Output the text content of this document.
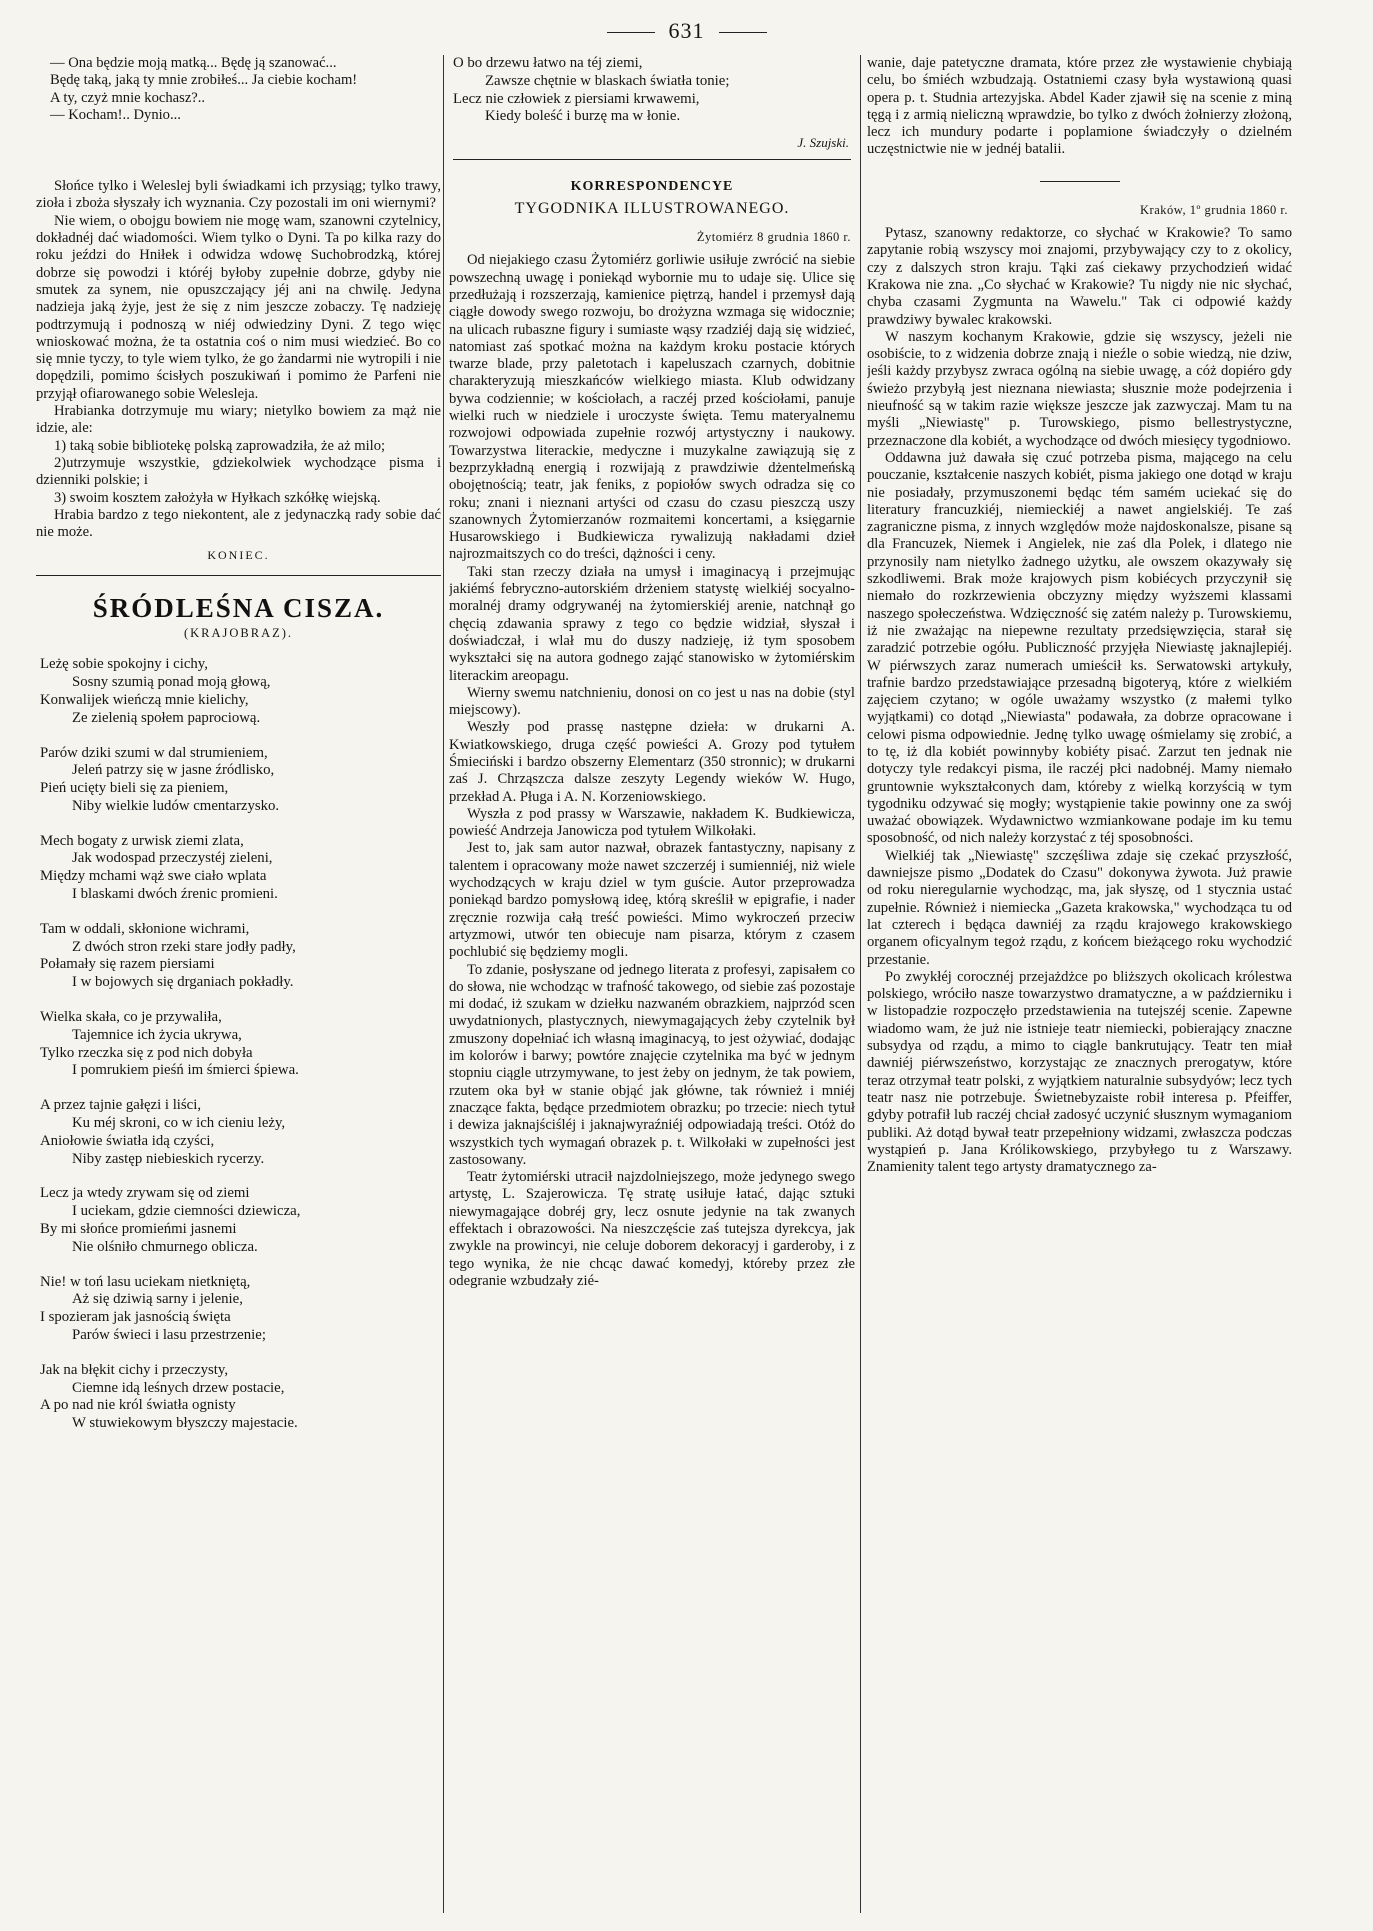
631

— Ona będzie moją matką... Będę ją szanować...

Będę taką, jaką ty mnie zrobiłeś... Ja ciebie kocham!

A ty, czyż mnie kochasz?..

— Kocham!.. Dynio...

Słońce tylko i Weleslej byli świadkami ich przysiąg; tylko trawy, zioła i zboża słyszały ich wyznania. Czy pozostali im oni wiernymi?

Nie wiem, o obojgu bowiem nie mogę wam, szanowni czytelnicy, dokładnéj dać wiadomości. Wiem tylko o Dyni. Ta po kilka razy do roku jeździ do Hniłek i odwidza wdowę Suchobrodzką, której dobrze się powodzi i któréj byłoby zupełnie dobrze, gdyby nie smutek za synem, nie opuszczający jéj ani na chwilę. Jedyna nadzieja jaką żyje, jest że się z nim jeszcze zobaczy. Tę nadzieję podtrzymują i podnoszą w niéj odwiedziny Dyni. Z tego więc wnioskować można, że ta ostatnia coś o nim musi wiedzieć. Bo co się mnie tyczy, to tyle wiem tylko, że go żandarmi nie wytropili i nie dopędzili, pomimo ścisłych poszukiwań i pomimo że Parfeni nie przyjął ofiarowanego sobie Welesleja.

Hrabianka dotrzymuje mu wiary; nietylko bowiem za mąż nie idzie, ale:

1) taką sobie bibliotekę polską zaprowadziła, że aż milo;

2)utrzymuje wszystkie, gdziekolwiek wychodzące pisma i dzienniki polskie; i

3) swoim kosztem założyła w Hyłkach szkółkę wiejską.

Hrabia bardzo z tego niekontent, ale z jedynaczką rady sobie dać nie może.

KONIEC.
ŚRÓDLEŚNA CISZA.
(KRAJOBRAZ).
Leżę sobie spokojny i cichy,
Sosny szumią ponad moją głową,
Konwalijek wieńczą mnie kielichy,
Ze zielenią społem paprociową.
Parów dziki szumi w dal strumieniem,
Jeleń patrzy się w jasne źródlisko,
Pień ucięty bieli się za pieniem,
Niby wielkie ludów cmentarzysko.
Mech bogaty z urwisk ziemi zlata,
Jak wodospad przeczystéj zieleni,
Między mchami wąż swe ciało wplata
I blaskami dwóch źrenic promieni.
Tam w oddali, skłonione wichrami,
Z dwóch stron rzeki stare jodły padły,
Połamały się razem piersiami
I w bojowych się drganiach pokładły.
Wielka skała, co je przywaliła,
Tajemnice ich życia ukrywa,
Tylko rzeczka się z pod nich dobyła
I pomrukiem pieśń im śmierci śpiewa.
A przez tajnie gałęzi i liści,
Ku méj skroni, co w ich cieniu leży,
Aniołowie światła idą czyści,
Niby zastęp niebieskich rycerzy.
Lecz ja wtedy zrywam się od ziemi
I uciekam, gdzie ciemności dziewicza,
By mi słońce promieńmi jasnemi
Nie olśniło chmurnego oblicza.
Nie! w toń lasu uciekam nietkniętą,
Aż się dziwią sarny i jelenie,
I spozieram jak jasnością święta
Parów świeci i lasu przestrzenie;
Jak na błękit cichy i przeczysty,
Ciemne idą leśnych drzew postacie,
A po nad nie król światła ognisty
W stuwiekowym błyszczy majestacie.
O bo drzewu łatwo na téj ziemi,
Zawsze chętnie w blaskach światła tonie;
Lecz nie człowiek z piersiami krwawemi,
Kiedy boleść i burzę ma w łonie.
J. Szujski.
KORRESPONDENCYE
TYGODNIKA ILLUSTROWANEGO.
Żytomiérz 8 grudnia 1860 r.

Od niejakiego czasu Żytomiérz gorliwie usiłuje zwrócić na siebie powszechną uwagę i poniekąd wybornie mu to udaje się. Ulice się przedłużają i rozszerzają, kamienice piętrzą, handel i przemysł dają ciągłe dowody swego rozwoju, bo drożyzna wzmaga się widocznie; na ulicach rubaszne figury i sumiaste wąsy rzadziéj dają się widzieć, natomiast zaś spotkać można na każdym kroku postacie których twarze blade, przy paletotach i kapeluszach czarnych, dobitnie charakteryzują mieszkańców wielkiego miasta. Klub odwidzany bywa codziennie; w kościołach, a raczéj przed kościołami, panuje wielki ruch w niedziele i uroczyste święta. Temu materyalnemu rozwojowi odpowiada zupełnie rozwój artystyczny i naukowy. Towarzystwa literackie, medyczne i muzykalne zawiązują się z bezprzykładną energią i rozwijają z prawdziwie dżentelmeńską obojętnością; teatr, jak feniks, z popiołów swych odradza się co roku; znani i nieznani artyści od czasu do czasu pieszczą uszy szanownych Żytomierzanów rozmaitemi koncertami, a księgarnie Husarowskiego i Budkiewicza rywalizują nakładami dzieł najrozmaitszych co do treści, dążności i ceny.

Taki stan rzeczy działa na umysł i imaginacyą i przejmując jakiémś febryczno-autorskiém drżeniem statystę wielkiéj socyalno-moralnéj dramy odgrywanéj na żytomierskiéj arenie, natchnął go chęcią zdawania sprawy z tego co będzie widział, słyszał i doświadczał, i wlał mu do duszy nadzieję, iż tym sposobem wykształci się na autora godnego zająć stanowisko w żytomiérskim literackim areopagu.

Wierny swemu natchnieniu, donosi on co jest u nas na dobie (styl miejscowy).

Weszły pod prassę następne dzieła: w drukarni A. Kwiatkowskiego, druga część powieści A. Grozy pod tytułem Śmieciński i bardzo obszerny Elementarz (350 stronnic); w drukarni zaś J. Chrząszcza dalsze zeszyty Legendy wieków W. Hugo, przekład A. Pługa i A. N. Korzeniowskiego.

Wyszła z pod prassy w Warszawie, nakładem K. Budkiewicza, powieść Andrzeja Janowicza pod tytułem Wilkołaki.

Jest to, jak sam autor nazwał, obrazek fantastyczny, napisany z talentem i opracowany może nawet szczerzéj i sumienniéj, niż wiele wychodzących w kraju dziel w tym guście. Autor przeprowadza poniekąd bardzo pomysłową ideę, którą skreślił w epigrafie, i nader zręcznie rozwija całą treść powieści. Mimo wykroczeń przeciw artyzmowi, utwór ten obiecuje nam pisarza, którym z czasem pochlubić się będziemy mogli.

To zdanie, posłyszane od jednego literata z profesyi, zapisałem co do słowa, nie wchodząc w trafność takowego, od siebie zaś pozostaje mi dodać, iż szukam w dziełku nazwaném obrazkiem, najprzód scen uwydatnionych, plastycznych, niewymagających żeby czytelnik był zmuszony dopełniać ich własną imaginacyą, to jest ożywiać, dodając im kolorów i barwy; powtóre znajęcie czytelnika ma być w jednym stopniu ciągle utrzymywane, to jest żeby on jednym, że tak powiem, rzutem oka był w stanie objąć jak główne, tak również i mniéj znaczące fakta, będące przedmiotem obrazku; po trzecie: niech tytuł i dewiza jaknajściśléj i jaknajwyraźniéj odpowiadają treści. Otóż do wszystkich tych wymagań obrazek p. t. Wilkołaki w zupełności jest zastosowany.

Teatr żytomiérski utracił najzdolniejszego, może jedynego swego artystę, L. Szajerowicza. Tę stratę usiłuje łatać, dając sztuki niewymagające dobréj gry, lecz osnute jedynie na tak zwanych effektach i obrazowości. Na nieszczęście zaś tutejsza dyrekcya, jak zwykle na prowincyi, nie celuje doborem dekoracyj i garderoby, i z tego wynika, że nie chcąc dawać komedyj, któreby przez złe odegranie wzbudzały zié-

wanie, daje patetyczne dramata, które przez złe wystawienie chybiają celu, bo śmiéch wzbudzają. Ostatniemi czasy była wystawioną quasi opera p. t. Studnia artezyjska. Abdel Kader zjawił się na scenie z miną tęgą i z armią nieliczną wprawdzie, bo tylko z dwóch żołnierzy złożoną, lecz ich mundury podarte i poplamione świadczyły o dzielném uczęstnictwie nie w jednéj batalii.

Kraków, 1º grudnia 1860 r.

Pytasz, szanowny redaktorze, co słychać w Krakowie? To samo zapytanie robią wszyscy moi znajomi, przybywający czy to z okolicy, czy z dalszych stron kraju. Tąki zaś ciekawy przychodzień widać Krakowa nie zna. „Co słychać w Krakowie? Tu nigdy nie nic słychać, chyba czasami Zygmunta na Wawelu." Tak ci odpowié każdy prawdziwy bywalec krakowski.

W naszym kochanym Krakowie, gdzie się wszyscy, jeżeli nie osobiście, to z widzenia dobrze znają i nieźle o sobie wiedzą, nie dziw, jeśli każdy przybysz zwraca ogólną na siebie uwagę, a cóż dopiéro gdy świeżo przybyłą jest nieznana niewiasta; słusznie może podejrzenia i nieufność są w takim razie większe jeszcze jak zazwyczaj. Mam tu na myśli „Niewiastę" p. Turowskiego, pismo bellestrystyczne, przeznaczone dla kobiét, a wychodzące od dwóch miesięcy tygodniowo.

Oddawna już dawała się czuć potrzeba pisma, mającego na celu pouczanie, kształcenie naszych kobiét, pisma jakiego one dotąd w kraju nie posiadały, przymuszonemi będąc tém samém uciekać się do literatury francuzkiéj, niemieckiéj a nawet angielskiéj. Te zaś zagraniczne pisma, z innych względów może najdoskonalsze, pisane są dla Francuzek, Niemek i Angielek, nie zaś dla Polek, i dlatego nie przynosily nam nietylko żadnego użytku, ale owszem okazywały się szkodliwemi. Brak może krajowych pism kobiécych przyczynił się niemało do rozkrzewienia obczyzny między wyższemi klassami naszego społeczeństwa. Wdzięczność się zatém należy p. Turowskiemu, iż nie zważając na niepewne rezultaty przedsięwzięcia, starał się zaradzić potrzebie ogółu. Publiczność przyjęła Niewiastę jaknajlepiéj. W piérwszych zaraz numerach umieścił ks. Serwatowski artykuły, trafnie bardzo przedstawiające przesadną bigoteryą, które z wielkiém zajęciem czytano; w ogóle uważamy wszystko (z małemi tylko wyjątkami) co dotąd „Niewiasta" podawała, za dobrze opracowane i celowi pisma odpowiednie. Jednę tylko uwagę ośmielamy się zrobić, a to tę, iż dla kobiét powinnyby kobiéty pisać. Zarzut ten jednak nie dotyczy tyle redakcyi pisma, ile raczéj płci nadobnéj. Mamy niemało gruntownie wykształconych dam, któreby z wielką korzyścią w tym tygodniku odzywać się mogły; wystąpienie takie powinny one za swój uważać obowiązek. Wydawnictwo wzmiankowane podaje im ku temu sposobność, od nich należy korzystać z téj sposobności.

Wielkiéj tak „Niewiastę" szczęśliwa zdaje się czekać przyszłość, dawniejsze pismo „Dodatek do Czasu" dokonywa żywota. Już prawie od roku nieregularnie wychodząc, ma, jak słyszę, od 1 stycznia ustać zupełnie. Również i niemiecka „Gazeta krakowska," wychodząca tu od lat czterech i będąca dawniéj za rządu krajowego krakowskiego organem oficyalnym tegoż rządu, z końcem bieżącego roku wychodzić przestanie.

Po zwykłéj corocznéj przejażdżce po bliższych okolicach królestwa polskiego, wróciło nasze towarzystwo dramatyczne, a w październiku i w listopadzie rozpoczęło przedstawienia na tutejszéj scenie. Zapewne wiadomo wam, że już nie istnieje teatr niemiecki, pobierający znaczne subsydya od rządu, a mimo to ciągle bankrutujący. Teatr ten miał dawniéj piérwszeństwo, korzystając ze znacznych prerogatyw, które teraz otrzymał teatr polski, z wyjątkiem naturalnie subsydyów; lecz tych teatr nasz nie potrzebuje. Świetnebyzaiste robił interesa p. Pfeiffer, gdyby potrafił lub raczéj chciał zadosyć uczynić słusznym wymaganiom publiki. Aż dotąd bywał teatr przepełniony widzami, zwłaszcza podczas wystąpień p. Jana Królikowskiego, przybyłego tu z Warszawy. Znamienity talent tego artysty dramatycznego za-
